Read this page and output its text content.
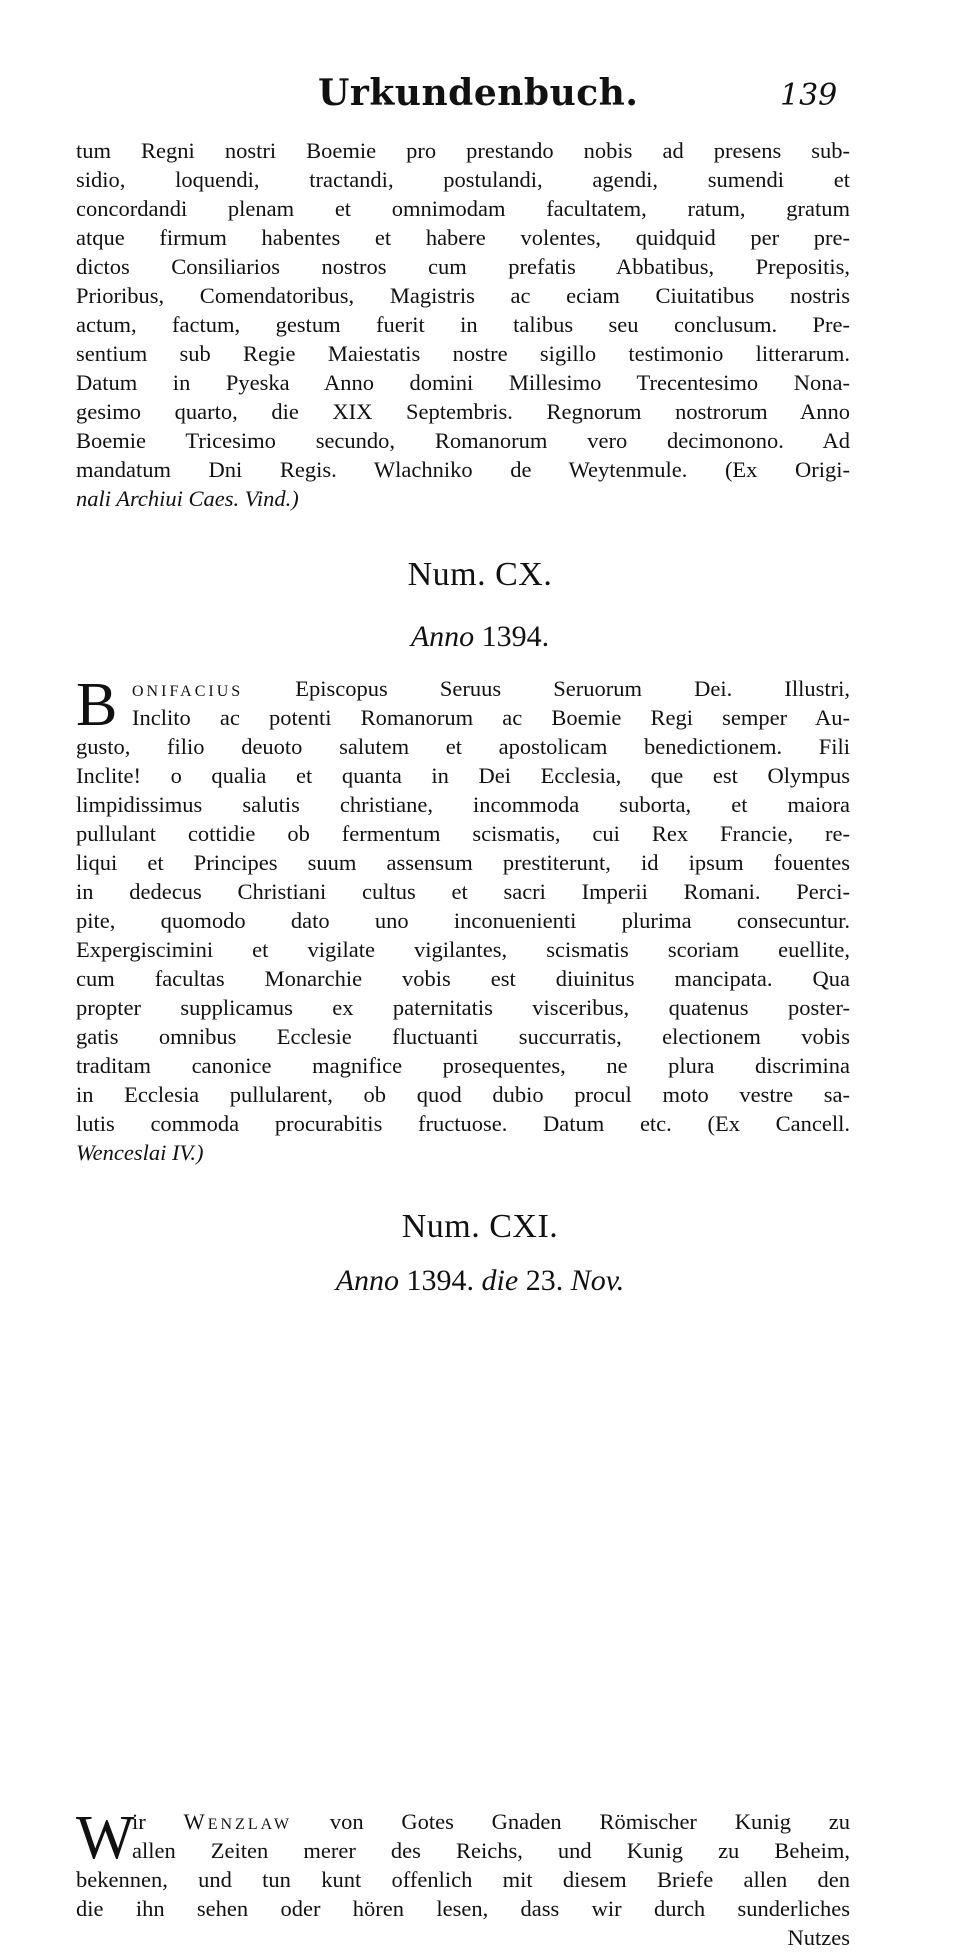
Urkundenbuch.	139
tum Regni nostri Boemie pro prestando nobis ad presens sub-
sidio, loquendi, tractandi, postulandi, agendi, sumendi et
concordandi plenam et omnimodam facultatem, ratum, gratum
atque firmum habentes et habere volentes, quidquid per pre-
dictos Consiliarios nostros cum prefatis Abbatibus, Prepositis,
Prioribus, Comendatoribus, Magistris ac eciam Ciuitatibus nostris
actum, factum, gestum fuerit in talibus seu conclusum. Pre-
sentium sub Regie Maiestatis nostre sigillo testimonio litterarum.
Datum in Pyeska Anno domini Millesimo Trecentesimo Nona-
gesimo quarto, die XIX Septembris. Regnorum nostrorum Anno
Boemie Tricesimo secundo, Romanorum vero decimonono. Ad
mandatum Dni Regis. Wlachniko de Weytenmule. (Ex Origi-
nali Archiui Caes. Vind.)
Num. CX.
Anno 1394.
B onifacius Episcopus Seruus Seruorum Dei. Illustri,
Inclito ac potenti Romanorum ac Boemie Regi semper Au-
gusto, filio deuoto salutem et apostolicam benedictionem. Fili
Inclite! o qualia et quanta in Dei Ecclesia, que est Olympus
limpidissimus salutis christiane, incommoda suborta, et maiora
pullulant cottidie ob fermentum scismatis, cui Rex Francie, re-
liqui et Principes suum assensum prestiterunt, id ipsum fouentes
in dedecus Christiani cultus et sacri Imperii Romani. Perci-
pite, quomodo dato uno inconuenienti plurima consecuntur.
Expergiscimini et vigilate vigilantes, scismatis scoriam euellite,
cum facultas Monarchie vobis est diuinitus mancipata. Qua
propter supplicamus ex paternitatis visceribus, quatenus poster-
gatis omnibus Ecclesie fluctuanti succurratis, electionem vobis
traditam canonice magnifice prosequentes, ne plura discrimina
in Ecclesia pullularent, ob quod dubio procul moto vestre sa-
lutis commoda procurabitis fructuose. Datum etc. (Ex Cancell.
Wenceslai IV.)
Num. CXI.
Anno 1394. die 23. Nov.
W
ir Wenzlaw von Gotes Gnaden Römischer Kunig zu
allen Zeiten merer des Reichs, und Kunig zu Beheim,
bekennen, und tun kunt offenlich mit diesem Briefe allen den
die ihn sehen oder hören lesen, dass wir durch sunderliches
Nutzes
